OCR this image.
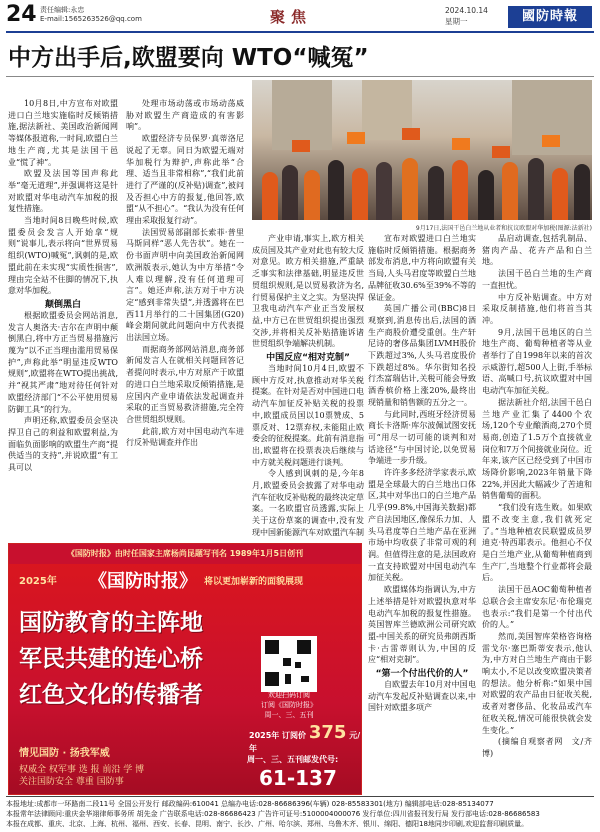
24 责任编辑:永忠
E-mail:1565263526@qq.com	聚焦	2024.10.14
星期一	國防時報
中方出手后,欧盟要向 WTO“喊冤”

10月8日,中方宣布对欧盟进口白兰地实施临时反倾销措施,据法新社、美国政治新闻网等媒体报道称,一时间,欧盟白兰地生产商,尤其是法国干邑业“慌了神”。

欧盟及法国等国声称此举“毫无道理”,并强调将这是针对欧盟对华电动汽车加税的报复性措施。

当地时间8日晚些时候,欧盟委员会发言人开始拿“规则”说事儿,表示将向“世界贸易组织(WTO)喊冤”,讽刺的是,欧盟此前在未实现“实质性损害”,理由完全站不住脚的情况下,执意对华加税。

颠倒黑白

根据欧盟委员会网站消息,发言人奥洛夫·吉尔在声明中颠倒黑白,将中方正当贸易措施污蔑为“以不正当理由滥用贸易保护”,声称此举“明显违反WTO规则”,欧盟将在WTO提出挑战,并“视其严肃”地对待任何针对欧盟经济部门“不公平使用贸易防御工具”的行为。

声明还称,欧盟委员会坚决捍卫自己的利益和欧盟利益,为面临负面影响的欧盟生产商“提供适当的支持”,并说欧盟“有工具可以

处理市场动荡或市场动荡威胁对欧盟生产商造成的有害影响”。

欧盟经济专员保罗·真蒂洛尼说起了无辜。同日为欧盟无端对华加税行为辩护,声称此举“合理、适当且非常相称”,“我们此前进行了严谨的(反补贴)调查”,被问及否担心中方的报复,他回答,欧盟“从不担心”。“我认为没有任何理由采取报复行动”。

法国贸易部副部长索菲·普里马斯同样“恶人先告状”。她在一份书面声明中向美国政治新闻网欧洲版表示,她认为中方举措“令人难以理解,没有任何道理可言”。她还声称,法方对于中方决定“感到非常失望”,并透露将在巴西11月举行的二十国集团(G20)峰会期间就此问题向中方代表提出法国立场。

而据商务部网站消息,商务部新闻发言人在就相关问题回答记者提问时表示,中方对原产于欧盟的进口白兰地采取反倾销措施,是应国内产业申请依法发起调查并采取的正当贸易救济措施,完全符合世贸组织规则。

此前,欧方对中国电动汽车进行反补贴调查并作出

9月17日,法国干邑白兰地从业者和抗议欧盟对华加税(图源:法新社)

产业申请,事实上,欧方相关成员国及其产业对此也有较大反对意见。欧方相关措施,严重缺乏事实和法律基础,明显违反世贸组织规则,是以贸易救济为名,行贸易保护主义之实。为坚决捍卫我电动汽车产业正当发展权益,中方已在世贸组织提出强烈交涉,并将相关反补贴措施诉诸世贸组织争端解决机制。

中国反应“相对克制”

当地时间10月4日,欧盟不顾中方反对,执意推动对华关税提案。在针对是否对中国进口电动汽车加征反补贴关税的投票中,欧盟成员国以10票赞成、5票反对、12票弃权,未能阻止欧委会的征税提案。此前有消息指出,欧盟将在投票表决后继续与中方就关税问题进行谈判。

令人感到讽刺的是,今年8月,欧盟委员会披露了对华电动汽车征收反补贴税的最终决定草案。一名欧盟官员透露,实际上关于这份草案的调查中,没有发现中国新能源汽车对欧盟汽车制

宣布对欧盟进口白兰地实施临时反倾销措施。根据商务部发布消息,中方将向欧盟有关当局,人头马君度等欧盟白兰地品牌征收30.6%至39%不等的保证金。

英国广播公司(BBC)8日观察到,消息传出后,法国的酒生产商股价遭受重创。生产轩尼诗的奢侈品集团LVMH股价下跌超过3%,人头马君度股价下跌超过8%。华尔街知名投行杰富瑞估计,关税可能会导致酒香槟价格上涨20%,最终出现销量和销售额的五分之一。

与此同时,西班牙经济贸易商长卡洛斯·库尔波佩试图安抚可“用尽一切可能的谈判和对话途径”与中国讨论,以免贸易争端进一步升级。

许许多多经济学家表示,欧盟是全球最大的白兰地出口体区,其中对华出口的白兰地产品几乎(99.8%,中国海关数据)都产自法国地区,像保乐力加、人头马君度等白兰地产品在亚洲市场中均收获了非常可观的利润。但值得注意的是,法国政府一直支持欧盟对中国电动汽车加征关税。

欧盟媒体均指调认为,中方上述举措是针对欧盟执意对华电动汽车加税的报复性措施。英国智库兰德欧洲公司研究欧盟-中国关系的研究员弗朗西斯卡·古雷蒂则认为,中国的反应“相对克制”。

“第一个付出代价的人”

自欧盟去年10月对中国电动汽车发起反补贴调查以来,中国针对欧盟多项产

品启动调查,包括乳制品、猪肉产品、花卉产品和白兰地。

法国干邑白兰地的生产商一直担忧。

中方反补贴调查。中方对采取反制措施,他们将首当其冲。

9月,法国干邑地区的白兰地生产商、葡萄种植者等从业者举行了自1998年以来的首次示威游行,超500人上街,手举标语、高喊口号,抗议欧盟对中国电动汽车加征关税。

据法新社介绍,法国干邑白兰地产业汇集了4400个农场,120个专业酿酒商,270个贸易商,创造了1.5万个直接就业岗位和7万个间接就业岗位。近年来,该产区已经受到了中国市场降价影响,2023年销量下降22%,并因此大幅减少了苦迪和销售葡萄的面积。

“我们没有选生败。如果欧盟不改变主意,我们就死定了。”当地种植农民联盟成员罗迪克·特西耶表示。他担心不仅是白兰地产业,从葡萄种植商到生产厂,当地整个行业都将会最后。

法国干邑AOC葡萄种植者总联合会主席安东尼·布伦瑞克也表示:“我们是第一个付出代价的人。”

然而,美国智库荣格咨询格雷戈尔·塞巴斯蒂安表示,他认为,中方对白兰地生产商由于影响太小,不足以改变欧盟决策者的想法。他分析称:“如果中国对欧盟的农产品由日征收关税,或者对奢侈品、化妆品或汽车征收关税,情况可能很快就会发生变化。”

(摘编自观察者网　文/齐博)

《国防时报》由时任国家主席杨尚昆题写刊名 1989年1月5日创刊
2025年 《国防时报》 将以更加崭新的面貌展现
国防教育的主阵地
军民共建的连心桥
红色文化的传播者
情见国防 · 扬我军威
权威全 权军事 选 报 前沿 学 博
关注国防安全 尊重 国防事
欢迎扫码订阅
订阅《国防时报》
周一、三、五刊
2025年 订阅价 375 元/年
周一、三、五刊邮发代号:
61-137
本报地址:成都市一环路南二段11号 全国公开发行 邮政编码:610041 总编办电话:028-86686396(车辆) 028-85583301(地方) 编辑部电话:028-85134077
本报常年法律顾问:重庆金华翊律师事务所 胡先金 广告联系电话:028-86686423 广告许可证号:5100004000076 发行单位:四川省报刊发行局 发行部电话:028-86686583
本报在成都、重庆、北京、上海、杭州、福州、西安、长春、昆明、南宁、长沙、广州、哈尔滨、郑州、乌鲁木齐、银川、绵阳、德阳18地同步印刷,欢迎监督印刷质量。
